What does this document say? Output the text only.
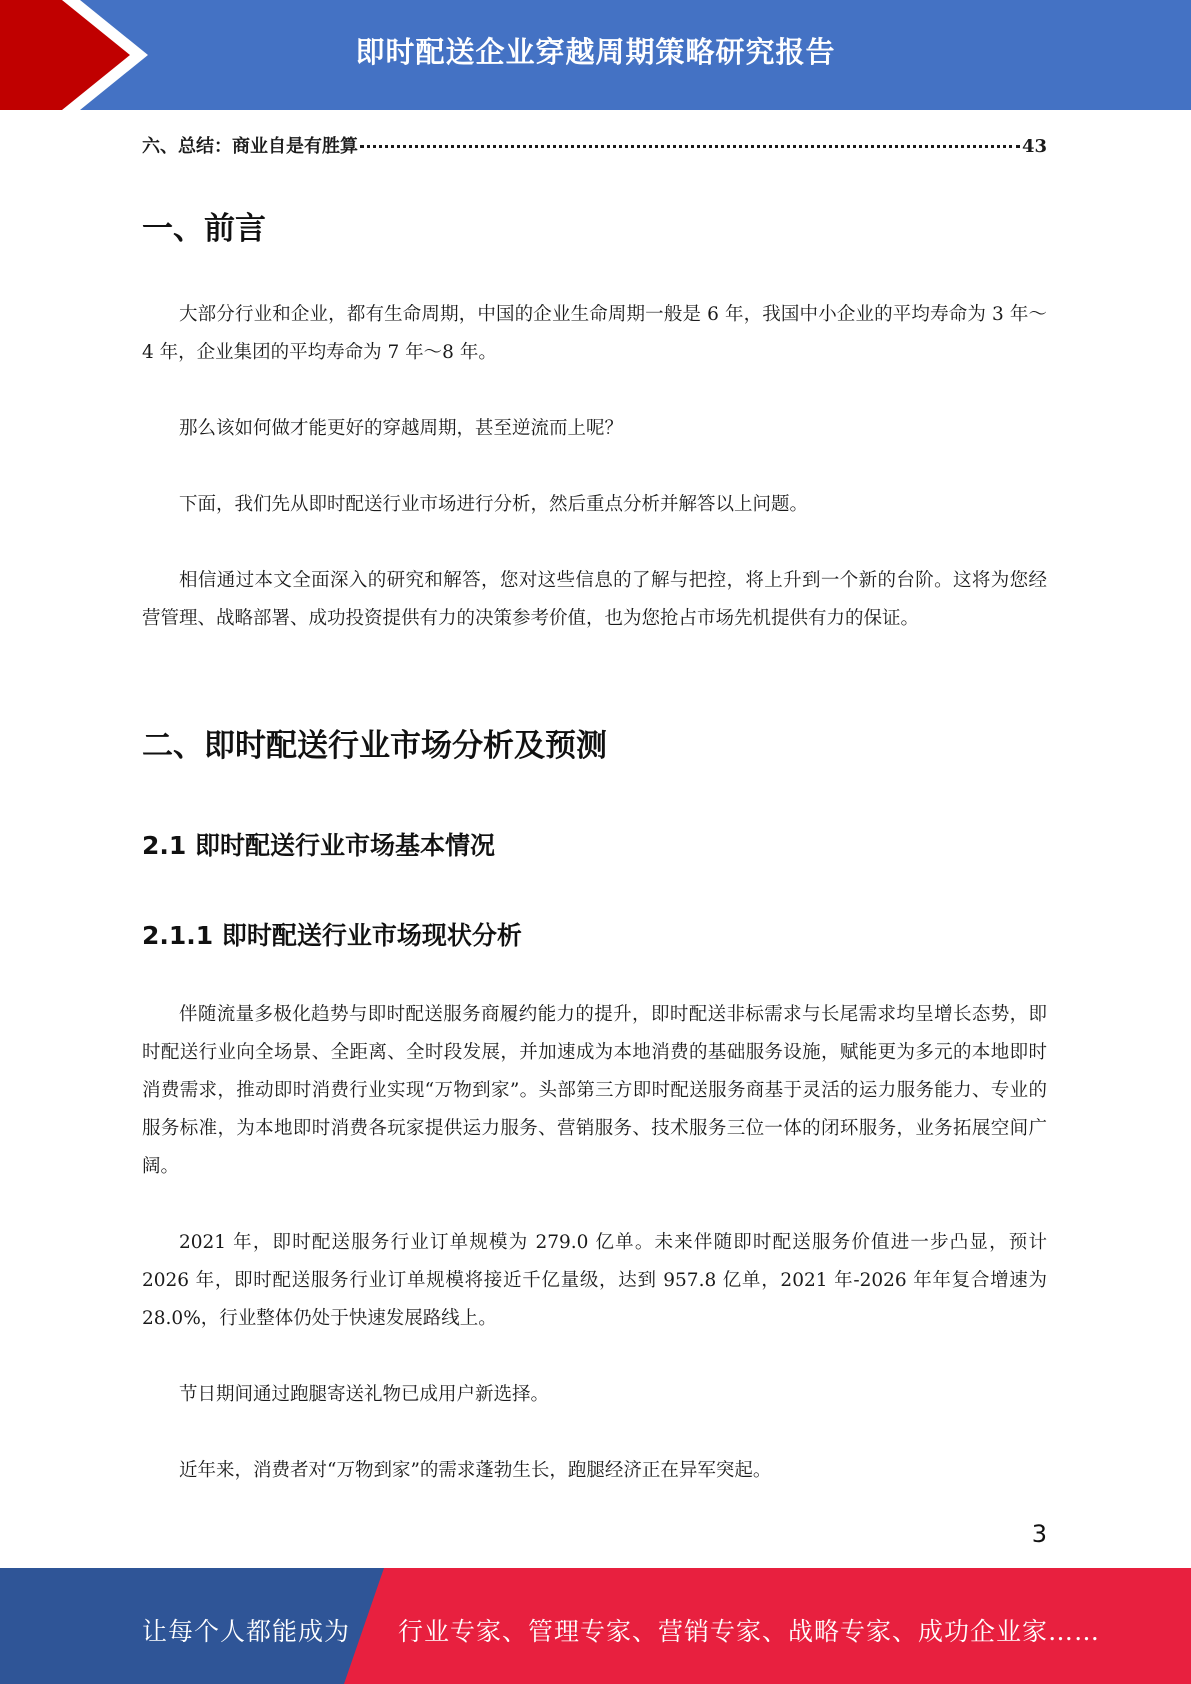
即时配送企业穿越周期策略研究报告
六、总结：商业自是有胜算	43
一、前言

大部分行业和企业，都有生命周期，中国的企业生命周期一般是 6 年，我国中小企业的平均寿命为 3 年～4 年，企业集团的平均寿命为 7 年～8 年。

那么该如何做才能更好的穿越周期，甚至逆流而上呢？

下面，我们先从即时配送行业市场进行分析，然后重点分析并解答以上问题。

相信通过本文全面深入的研究和解答，您对这些信息的了解与把控，将上升到一个新的台阶。这将为您经营管理、战略部署、成功投资提供有力的决策参考价值，也为您抢占市场先机提供有力的保证。

二、即时配送行业市场分析及预测
2.1 即时配送行业市场基本情况
2.1.1 即时配送行业市场现状分析

伴随流量多极化趋势与即时配送服务商履约能力的提升，即时配送非标需求与长尾需求均呈增长态势，即时配送行业向全场景、全距离、全时段发展，并加速成为本地消费的基础服务设施，赋能更为多元的本地即时消费需求，推动即时消费行业实现“万物到家”。头部第三方即时配送服务商基于灵活的运力服务能力、专业的服务标准，为本地即时消费各玩家提供运力服务、营销服务、技术服务三位一体的闭环服务，业务拓展空间广阔。

2021 年，即时配送服务行业订单规模为 279.0 亿单。未来伴随即时配送服务价值进一步凸显，预计 2026 年，即时配送服务行业订单规模将接近千亿量级，达到 957.8 亿单，2021 年-2026 年年复合增速为 28.0%，行业整体仍处于快速发展路线上。

节日期间通过跑腿寄送礼物已成用户新选择。

近年来，消费者对“万物到家”的需求蓬勃生长，跑腿经济正在异军突起。

3
让每个人都能成为 行业专家、管理专家、营销专家、战略专家、成功企业家……
